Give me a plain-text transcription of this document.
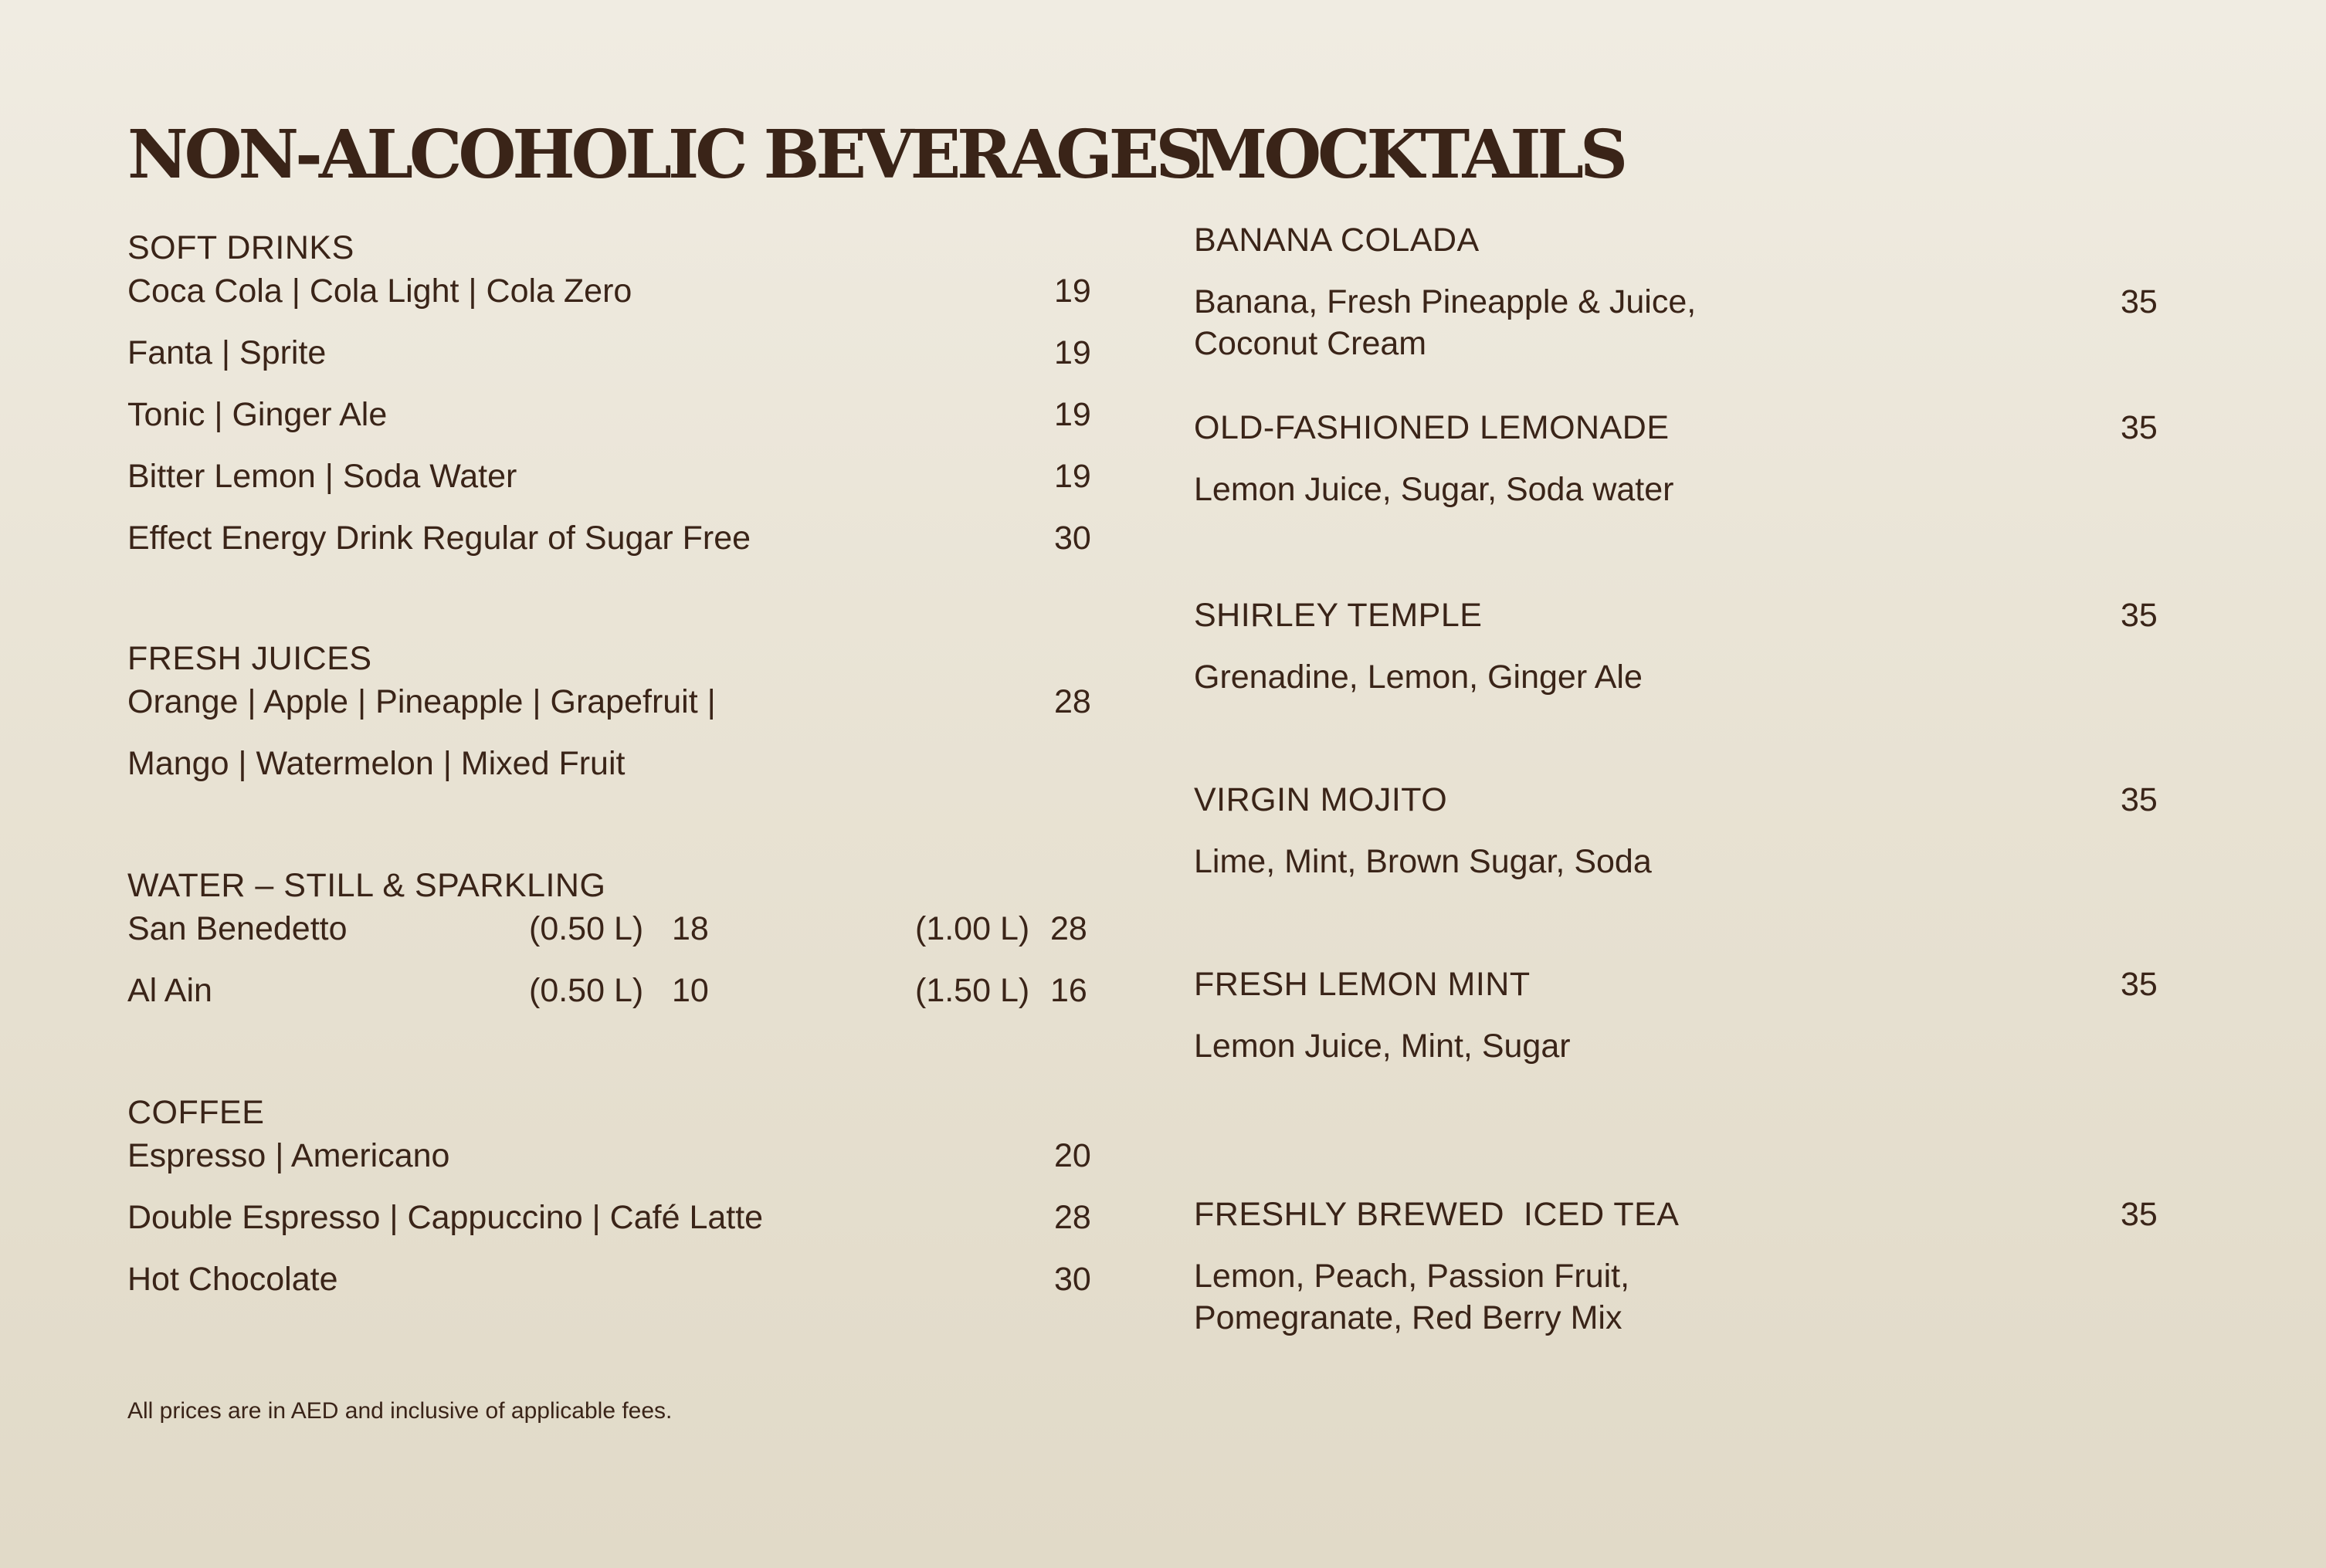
NON-ALCOHOLIC BEVERAGES
SOFT DRINKS
Coca Cola | Cola Light | Cola Zero	19
Fanta | Sprite	19
Tonic | Ginger Ale	19
Bitter Lemon | Soda Water	19
Effect Energy Drink Regular of Sugar Free	30
FRESH JUICES
Orange | Apple | Pineapple | Grapefruit |	28
Mango | Watermelon | Mixed Fruit
WATER – STILL & SPARKLING
San Benedetto	(0.50 L) 18	(1.00 L) 28
Al Ain	(0.50 L) 10	(1.50 L) 16
COFFEE
Espresso | Americano	20
Double Espresso | Cappuccino | Café Latte	28
Hot Chocolate	30
All prices are in AED and inclusive of applicable fees.
MOCKTAILS
BANANA COLADA
Banana, Fresh Pineapple & Juice,	35
Coconut Cream
OLD-FASHIONED LEMONADE	35
Lemon Juice, Sugar, Soda water
SHIRLEY TEMPLE	35
Grenadine, Lemon, Ginger Ale
VIRGIN MOJITO	35
Lime, Mint, Brown Sugar, Soda
FRESH LEMON MINT	35
Lemon Juice, Mint, Sugar
FRESHLY BREWED  ICED TEA	35
Lemon, Peach, Passion Fruit,
Pomegranate, Red Berry Mix
